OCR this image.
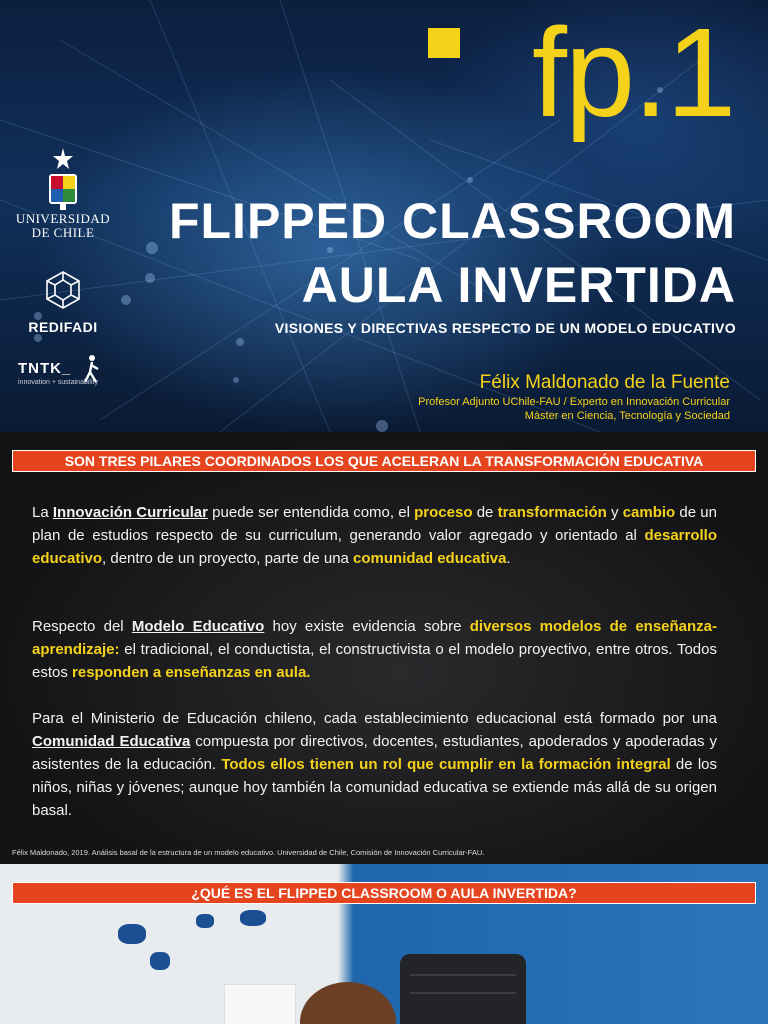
fp.1
UNIVERSIDAD
DE CHILE
REDIFADI
TNTK_
innovation + sustainability
FLIPPED CLASSROOM
AULA INVERTIDA
VISIONES Y DIRECTIVAS RESPECTO DE UN MODELO EDUCATIVO
Félix Maldonado de la Fuente
Profesor Adjunto UChile-FAU / Experto en Innovación Curricular
Máster en Ciencia, Tecnología y Sociedad
SON TRES PILARES COORDINADOS LOS QUE ACELERAN LA TRANSFORMACIÓN EDUCATIVA
La Innovación Curricular puede ser entendida como, el proceso de transformación y cambio de un plan de estudios respecto de su curriculum, generando valor agregado y orientado al desarrollo educativo, dentro de un proyecto, parte de una comunidad educativa.
Respecto del Modelo Educativo hoy existe evidencia sobre diversos modelos de enseñanza-aprendizaje: el tradicional, el conductista, el constructivista o el modelo proyectivo, entre otros. Todos estos responden a enseñanzas en aula.
Para el Ministerio de Educación chileno, cada establecimiento educacional está formado por una Comunidad Educativa compuesta por directivos, docentes, estudiantes, apoderados y apoderadas y asistentes de la educación. Todos ellos tienen un rol que cumplir en la formación integral de los niños, niñas y jóvenes; aunque hoy también la comunidad educativa se extiende más allá de su origen basal.
Félix Maldonado, 2019. Análisis basal de la estructura de un modelo educativo. Universidad de Chile, Comisión de Innovación Curricular-FAU.
¿QUÉ ES EL FLIPPED CLASSROOM O AULA INVERTIDA?
